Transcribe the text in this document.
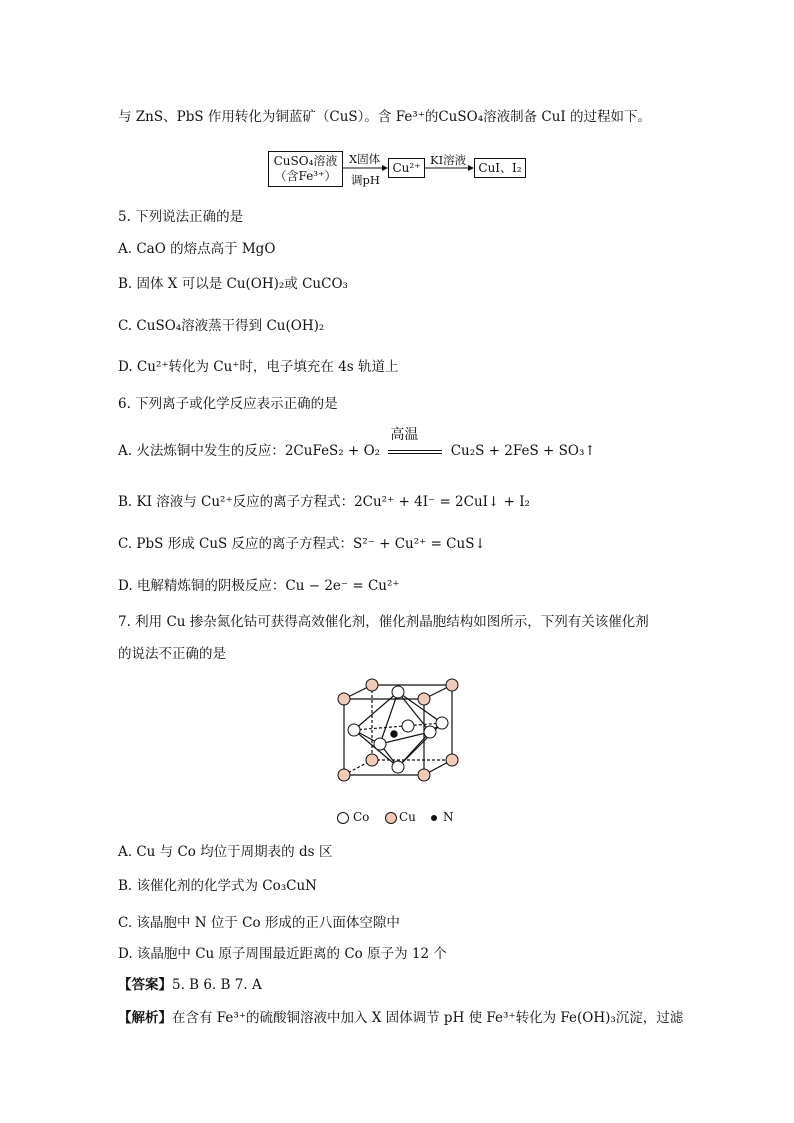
与 ZnS、PbS 作用转化为铜蓝矿（CuS）。含 Fe³⁺的CuSO₄溶液制备 CuI 的过程如下。
CuSO₄溶液
（含Fe³⁺）
X固体
调pH
Cu²⁺
KI溶液
CuI、I₂
5. 下列说法正确的是
A. CaO 的熔点高于 MgO
B. 固体 X 可以是 Cu(OH)₂或 CuCO₃
C. CuSO₄溶液蒸干得到 Cu(OH)₂
D. Cu²⁺转化为 Cu⁺时，电子填充在 4s 轨道上
6. 下列离子或化学反应表示正确的是
A. 火法炼铜中发生的反应：2CuFeS₂ + O₂
高温
Cu₂S + 2FeS + SO₃↑
B. KI 溶液与 Cu²⁺反应的离子方程式：2Cu²⁺ + 4I⁻ = 2CuI↓ + I₂
C. PbS 形成 CuS 反应的离子方程式：S²⁻ + Cu²⁺ = CuS↓
D. 电解精炼铜的阴极反应：Cu − 2e⁻ = Cu²⁺
7. 利用 Cu 掺杂氮化钴可获得高效催化剂，催化剂晶胞结构如图所示，下列有关该催化剂
的说法不正确的是
Co Cu N
A. Cu 与 Co 均位于周期表的 ds 区
B. 该催化剂的化学式为 Co₃CuN
C. 该晶胞中 N 位于 Co 形成的正八面体空隙中
D. 该晶胞中 Cu 原子周围最近距离的 Co 原子为 12 个
【答案】5. B 6. B 7. A
【解析】在含有 Fe³⁺的硫酸铜溶液中加入 X 固体调节 pH 使 Fe³⁺转化为 Fe(OH)₃沉淀，过滤
